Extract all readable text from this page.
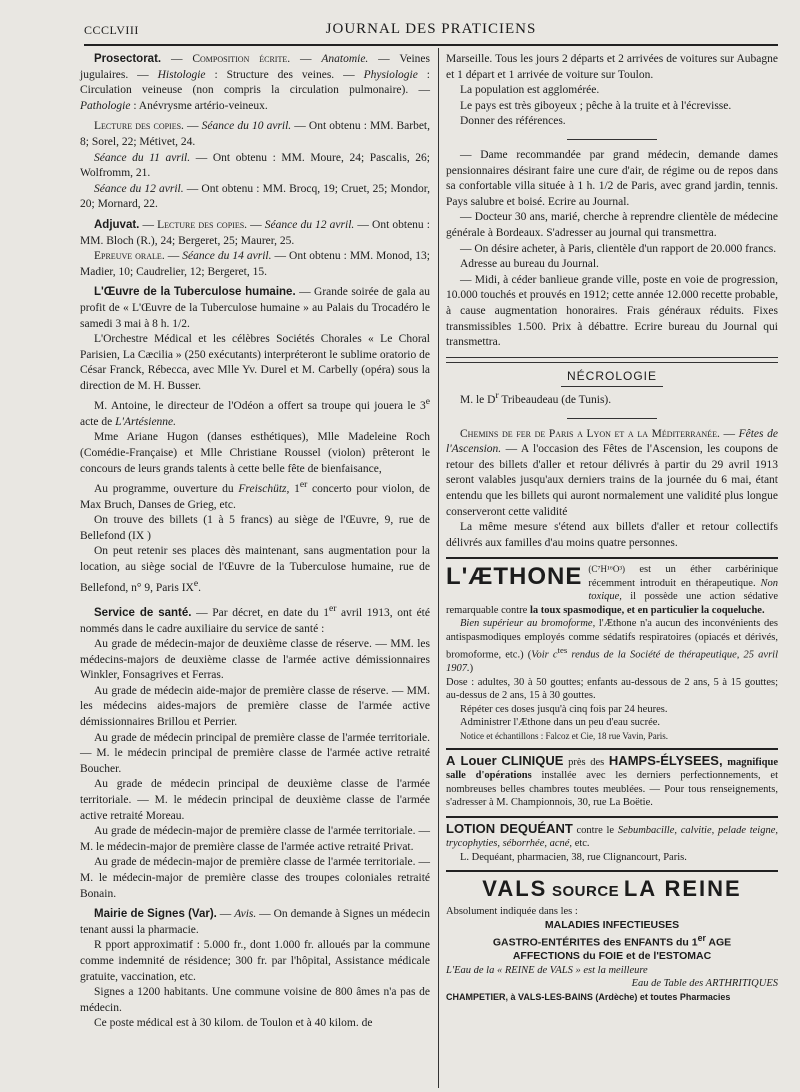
CCCLVIII	JOURNAL DES PRATICIENS

Prosectorat. — Composition écrite. — Anatomie. — Veines jugulaires. — Histologie : Structure des veines. — Physiologie : Circulation veineuse (non compris la circulation pulmonaire). — Pathologie : Anévrysme artério-veineux.

Lecture des copies. — Séance du 10 avril. — Ont obtenu : MM. Barbet, 8; Sorel, 22; Métivet, 24.

Séance du 11 avril. — Ont obtenu : MM. Moure, 24; Pascalis, 26; Wolfromm, 21.

Séance du 12 avril. — Ont obtenu : MM. Brocq, 19; Cruet, 25; Mondor, 20; Mornard, 22.

Adjuvat. — Lecture des copies. — Séance du 12 avril. — Ont obtenu : MM. Bloch (R.), 24; Bergeret, 25; Maurer, 25.

Epreuve orale. — Séance du 14 avril. — Ont obtenu : MM. Monod, 13; Madier, 10; Caudrelier, 12; Bergeret, 15.

L'Œuvre de la Tuberculose humaine. — Grande soirée de gala au profit de « L'Œuvre de la Tuberculose humaine » au Palais du Trocadéro le samedi 3 mai à 8 h. 1/2.

L'Orchestre Médical et les célèbres Sociétés Chorales « Le Choral Parisien, La Cæcilia » (250 exécutants) interpréteront le sublime oratorio de César Franck, Rébecca, avec Mlle Yv. Durel et M. Carbelly (opéra) sous la direction de M. H. Busser.

M. Antoine, le directeur de l'Odéon a offert sa troupe qui jouera le 3e acte de L'Artésienne.

Mme Ariane Hugon (danses esthétiques), Mlle Madeleine Roch (Comédie-Française) et Mlle Christiane Roussel (violon) prêteront le concours de leurs grands talents à cette belle fête de bienfaisance,

Au programme, ouverture du Freischütz, 1er concerto pour violon, de Max Bruch, Danses de Grieg, etc.

On trouve des billets (1 à 5 francs) au siège de l'Œuvre, 9, rue de Bellefond (IX )

On peut retenir ses places dès maintenant, sans augmentation pour la location, au siège social de l'Œuvre de la Tuberculose humaine, rue de Bellefond, n° 9, Paris IXe.

Service de santé. — Par décret, en date du 1er avril 1913, ont été nommés dans le cadre auxiliaire du service de santé :

Au grade de médecin-major de deuxième classe de réserve. — MM. les médecins-majors de deuxième classe de l'armée active démissionnaires Winkler, Fonsagrives et Ferras.

Au grade de médecin aide-major de première classe de réserve. — MM. les médecins aides-majors de première classe de l'armée active démissionnaires Brillou et Perrier.

Au grade de médecin principal de première classe de l'armée territoriale. — M. le médecin principal de première classe de l'armée active retraité Boucher.

Au grade de médecin principal de deuxième classe de l'armée territoriale. — M. le médecin principal de deuxième classe de l'armée active retraité Moreau.

Au grade de médecin-major de première classe de l'armée territoriale. — M. le médecin-major de première classe de l'armée active retraité Privat.

Au grade de médecin-major de première classe de l'armée territoriale. — M. le médecin-major de première classe des troupes coloniales retraité Bonain.

Mairie de Signes (Var). — Avis. — On demande à Signes un médecin tenant aussi la pharmacie.

R pport approximatif : 5.000 fr., dont 1.000 fr. alloués par la commune comme indemnité de résidence; 300 fr. par l'hôpital, Assistance médicale gratuite, vaccination, etc.

Signes a 1200 habitants. Une commune voisine de 800 âmes n'a pas de médecin.

Ce poste médical est à 30 kilom. de Toulon et à 40 kilom. de

Marseille. Tous les jours 2 départs et 2 arrivées de voitures sur Aubagne et 1 départ et 1 arrivée de voiture sur Toulon.

La population est agglomérée.

Le pays est très giboyeux ; pêche à la truite et à l'écrevisse.

Donner des références.

— Dame recommandée par grand médecin, demande dames pensionnaires désirant faire une cure d'air, de régime ou de repos dans sa confortable villa située à 1 h. 1/2 de Paris, avec grand jardin, tennis. Pays salubre et boisé. Ecrire au Journal.

— Docteur 30 ans, marié, cherche à reprendre clientèle de médecine générale à Bordeaux. S'adresser au journal qui transmettra.

— On désire acheter, à Paris, clientèle d'un rapport de 20.000 francs.

Adresse au bureau du Journal.

— Midi, à céder banlieue grande ville, poste en voie de progression, 10.000 touchés et prouvés en 1912; cette année 12.000 recette probable, à cause augmentation honoraires. Frais généraux réduits. Fixes transmissibles 1.500. Prix à débattre. Ecrire bureau du Journal qui transmettra.

NÉCROLOGIE

M. le $D^r$ Tribeaudeau (de Tunis).

Chemins de fer de Paris a Lyon et a la Méditerranée. — Fêtes de l'Ascension. — A l'occasion des Fêtes de l'Ascension, les coupons de retour des billets d'aller et retour délivrés à partir du 29 avril 1913 seront valables jusqu'aux derniers trains de la journée du 6 mai, étant entendu que les billets qui auront normalement une validité plus longue conserveront cette validité

La même mesure s'étend aux billets d'aller et retour collectifs délivrés aux familles d'au moins quatre personnes.

L'ÆTHONE (C⁷H¹⁶O³) est un éther carbérinique récemment introduit en thérapeutique. Non toxique, il possède une action sédative remarquable contre la toux spasmodique, et en particulier la coqueluche.

Bien supérieur au bromoforme, l'Æthone n'a aucun des inconvénients des antispasmodiques employés comme sédatifs respiratoires (opiacés et dérivés, bromoforme, etc.) (Voir $c^{tes}$ rendus de la Société de thérapeutique, 25 avril 1907.)

Dose : adultes, 30 à 50 gouttes; enfants au-dessous de 2 ans, 5 à 15 gouttes; au-dessus de 2 ans, 15 à 30 gouttes.

Répéter ces doses jusqu'à cinq fois par 24 heures.

Administrer l'Æthone dans un peu d'eau sucrée.

Notice et échantillons : Falcoz et Cie, 18 rue Vavin, Paris.

A Louer CLINIQUE près des HAMPS-ÉLYSEES, magnifique salle d'opérations installée avec les derniers perfectionnements, et nombreuses belles chambres toutes meublées. — Pour tous renseignements, s'adresser à M. Championnois, 30, rue La Boëtie.

LOTION DEQUÉANT contre le Sebumbacille, calvitie, pelade teigne, trycophyties, séborrhée, acné, etc.

L. Dequéant, pharmacien, 38, rue Clignancourt, Paris.

VALS SOURCE LA REINE

Absolument indiquée dans les :

MALADIES INFECTIEUSES

GASTRO-ENTÉRITES des ENFANTS du 1er AGE

AFFECTIONS du FOIE et de l'ESTOMAC

L'Eau de la « REINE de VALS » est la meilleure

Eau de Table des ARTHRITIQUES

CHAMPETIER, à VALS-LES-BAINS (Ardèche) et toutes Pharmacies
